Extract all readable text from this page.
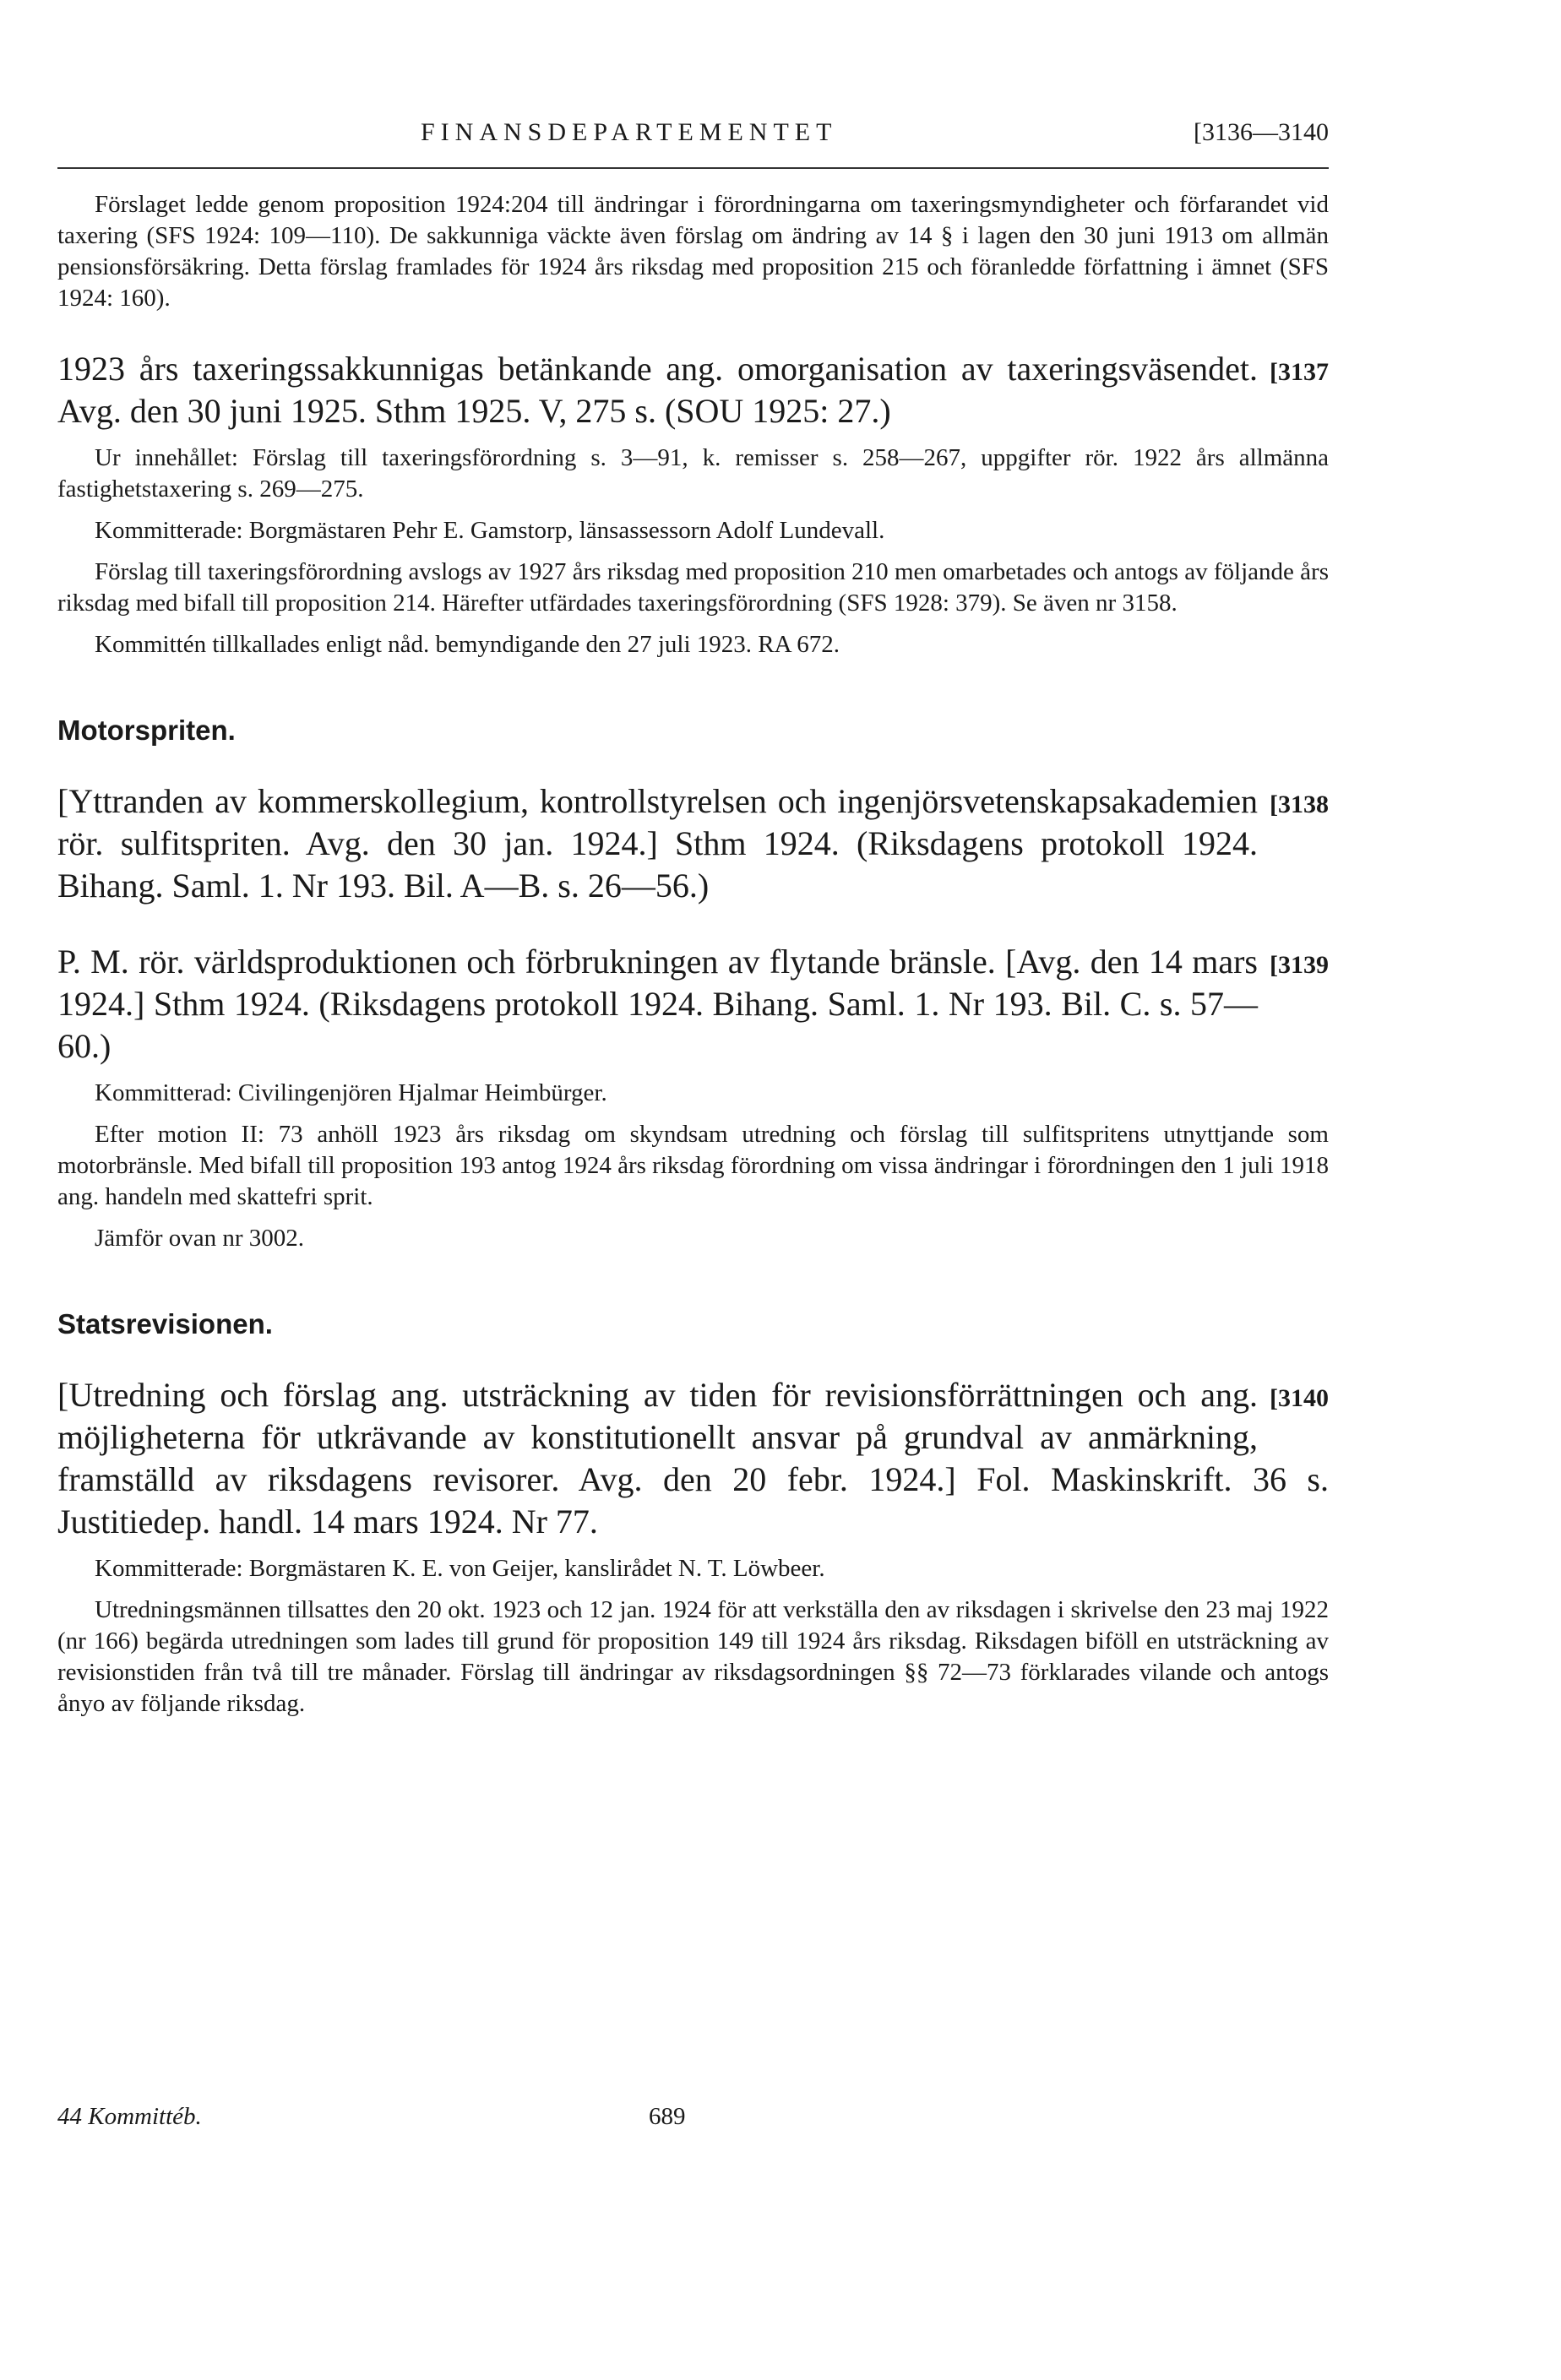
FINANSDEPARTEMENTET	[3136—3140

Förslaget ledde genom proposition 1924:204 till ändringar i förordningarna om taxeringsmyndigheter och förfarandet vid taxering (SFS 1924: 109—110). De sakkunniga väckte även förslag om ändring av 14 § i lagen den 30 juni 1913 om allmän pensionsförsäkring. Detta förslag framlades för 1924 års riksdag med proposition 215 och föranledde författning i ämnet (SFS 1924: 160).

[3137
1923 års taxeringssakkunnigas betänkande ang. omorganisation av taxeringsväsendet. Avg. den 30 juni 1925. Sthm 1925. V, 275 s. (SOU 1925: 27.)

Ur innehållet: Förslag till taxeringsförordning s. 3—91, k. remisser s. 258—267, uppgifter rör. 1922 års allmänna fastighetstaxering s. 269—275.

Kommitterade: Borgmästaren Pehr E. Gamstorp, länsassessorn Adolf Lundevall.

Förslag till taxeringsförordning avslogs av 1927 års riksdag med proposition 210 men omarbetades och antogs av följande års riksdag med bifall till proposition 214. Härefter utfärdades taxeringsförordning (SFS 1928: 379). Se även nr 3158.

Kommittén tillkallades enligt nåd. bemyndigande den 27 juli 1923. RA 672.

Motorspriten.

[3138
[Yttranden av kommerskollegium, kontrollstyrelsen och ingenjörsvetenskapsakademien rör. sulfitspriten. Avg. den 30 jan. 1924.] Sthm 1924. (Riksdagens protokoll 1924. Bihang. Saml. 1. Nr 193. Bil. A—B. s. 26—56.)

[3139
P. M. rör. världsproduktionen och förbrukningen av flytande bränsle. [Avg. den 14 mars 1924.] Sthm 1924. (Riksdagens protokoll 1924. Bihang. Saml. 1. Nr 193. Bil. C. s. 57—60.)

Kommitterad: Civilingenjören Hjalmar Heimbürger.

Efter motion II: 73 anhöll 1923 års riksdag om skyndsam utredning och förslag till sulfitspritens utnyttjande som motorbränsle. Med bifall till proposition 193 antog 1924 års riksdag förordning om vissa ändringar i förordningen den 1 juli 1918 ang. handeln med skattefri sprit.

Jämför ovan nr 3002.

Statsrevisionen.

[3140
[Utredning och förslag ang. utsträckning av tiden för revisionsförrättningen och ang. möjligheterna för utkrävande av konstitutionellt ansvar på grundval av anmärkning, framställd av riksdagens revisorer. Avg. den 20 febr. 1924.] Fol. Maskinskrift. 36 s. Justitiedep. handl. 14 mars 1924. Nr 77.

Kommitterade: Borgmästaren K. E. von Geijer, kanslirådet N. T. Löwbeer.

Utredningsmännen tillsattes den 20 okt. 1923 och 12 jan. 1924 för att verkställa den av riksdagen i skrivelse den 23 maj 1922 (nr 166) begärda utredningen som lades till grund för proposition 149 till 1924 års riksdag. Riksdagen biföll en utsträckning av revisionstiden från två till tre månader. Förslag till ändringar av riksdagsordningen §§ 72—73 förklarades vilande och antogs ånyo av följande riksdag.

44 Kommittéb.	689
